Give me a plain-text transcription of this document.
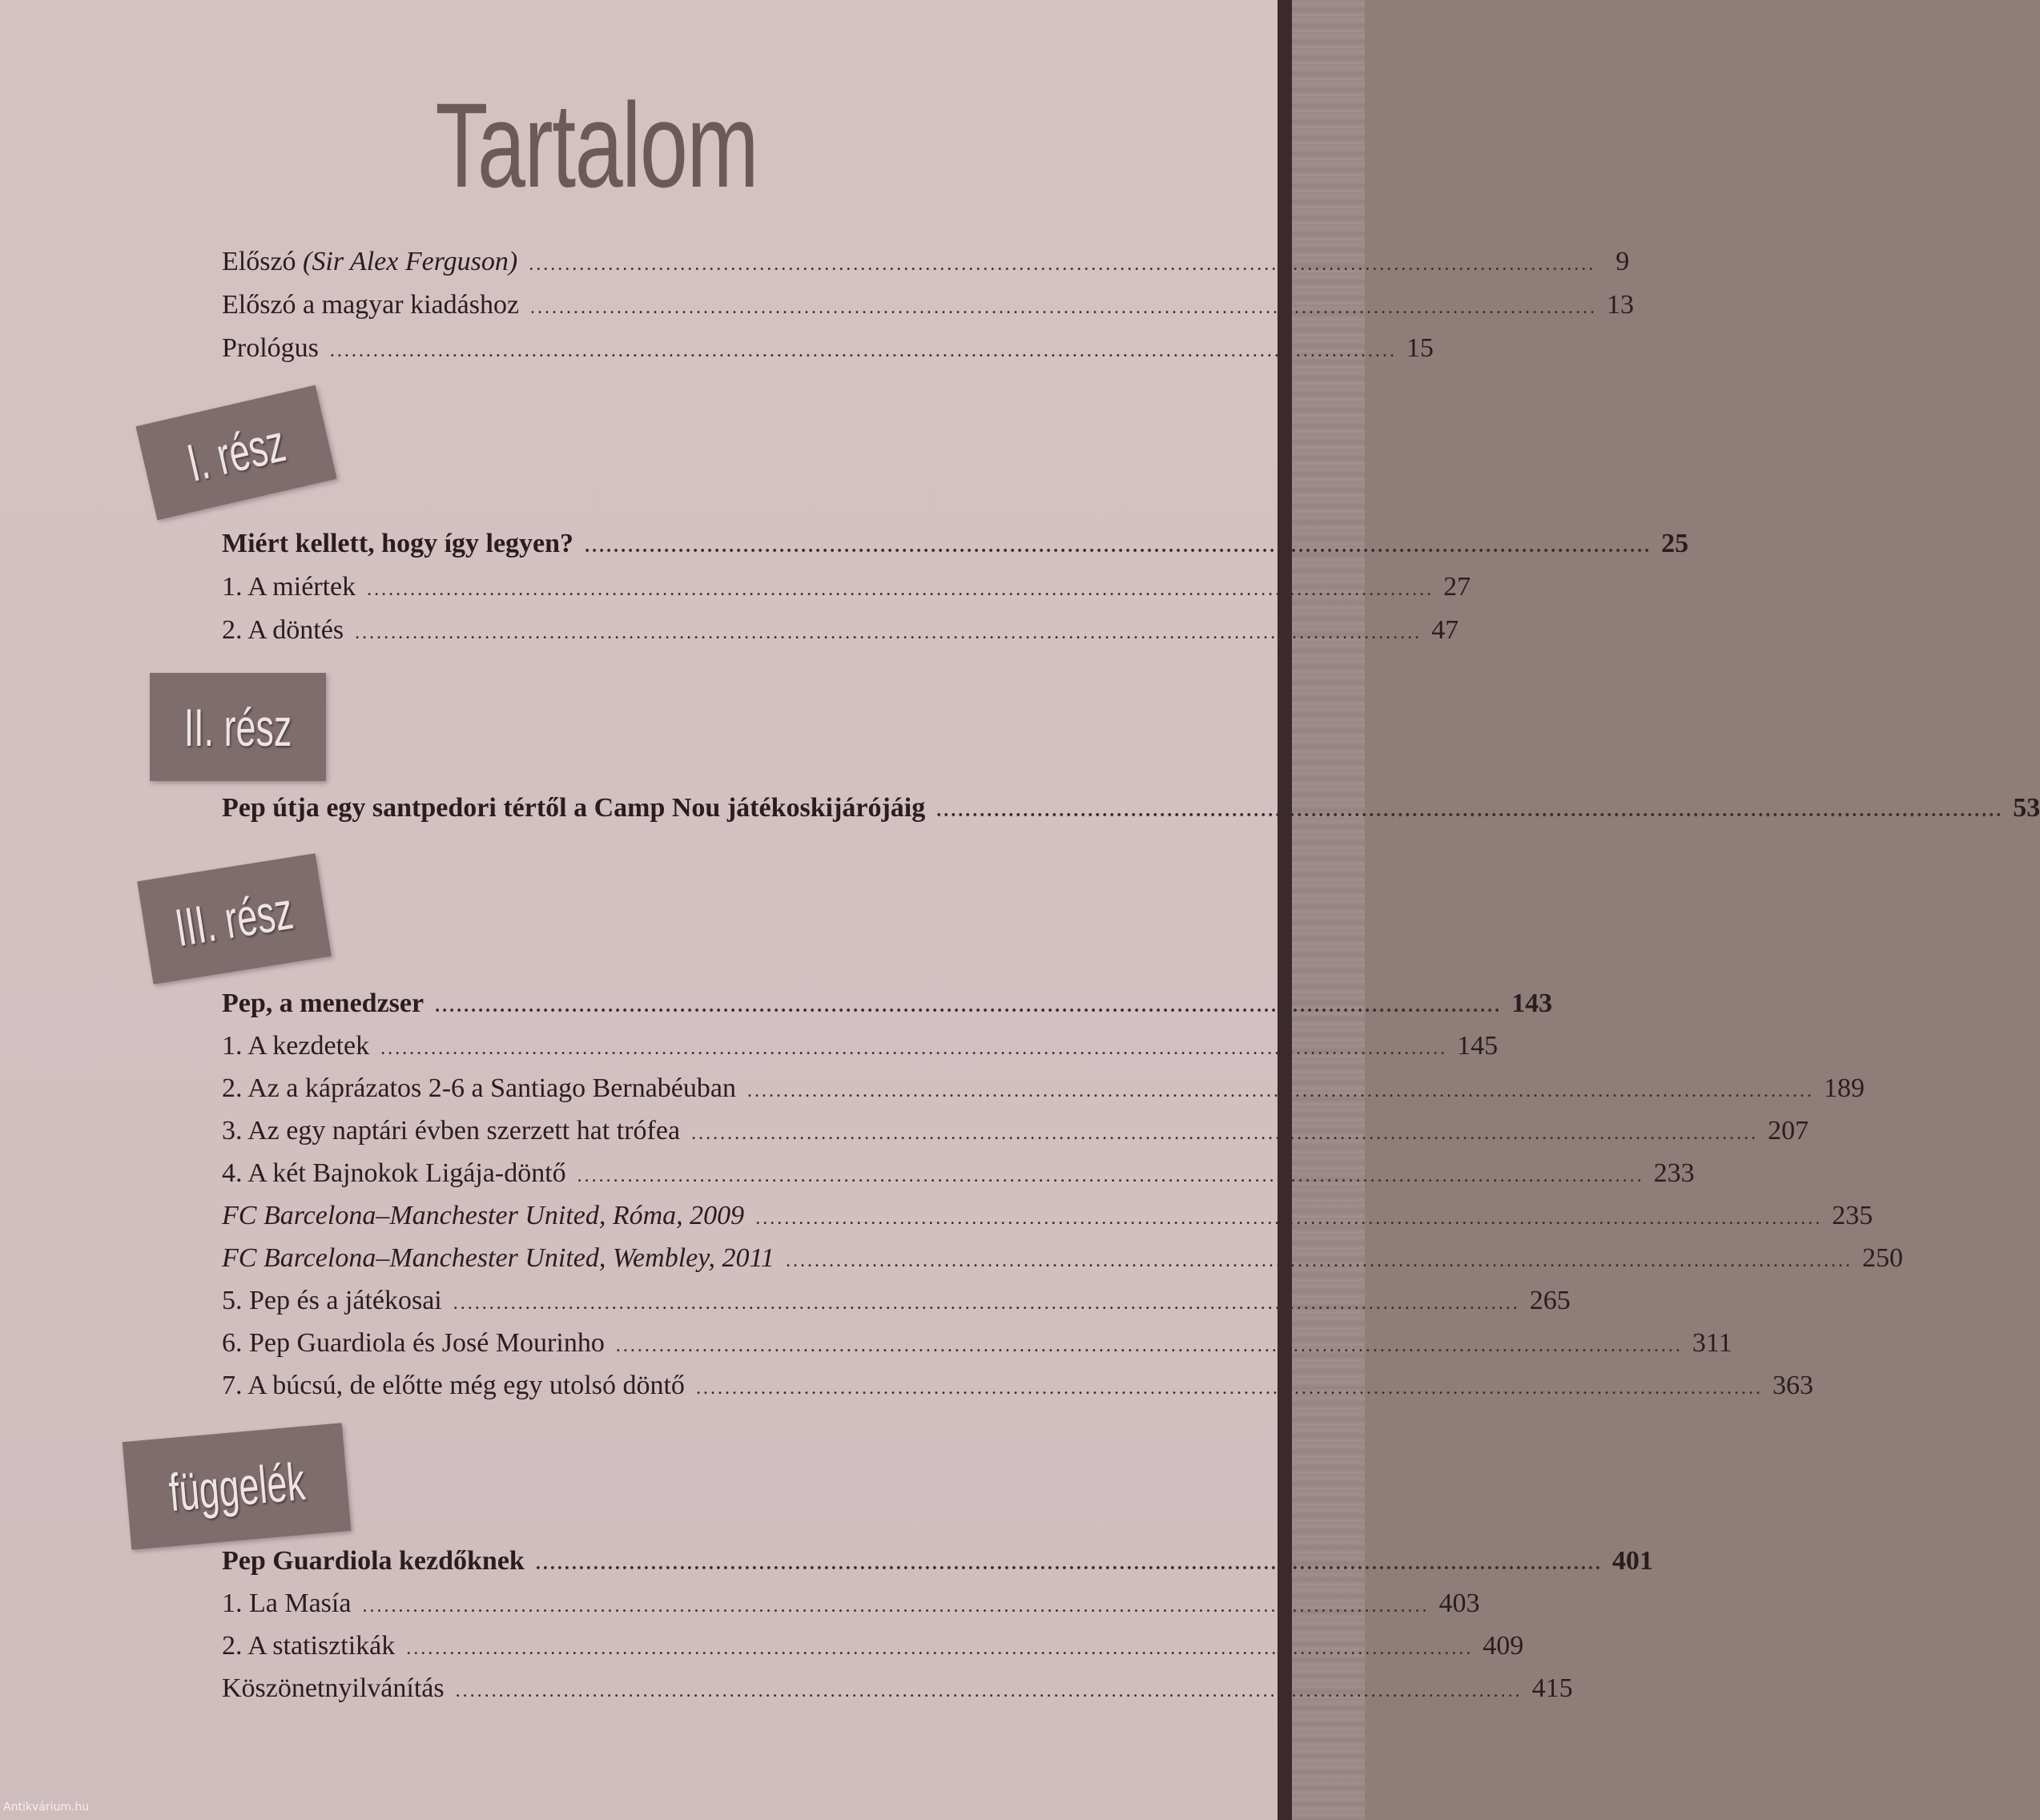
Tartalom
Előszó (Sir Alex Ferguson) .................................................................................................................................................... 9
Előszó a magyar kiadáshoz .................................................................................................................................................... 13
Prológus .................................................................................................................................................... 15
I. rész
Miért kellett, hogy így legyen? .................................................................................................................................................... 25
1. A miértek .................................................................................................................................................... 27
2. A döntés .................................................................................................................................................... 47
II. rész
Pep útja egy santpedori tértől a Camp Nou játékoskijárójáig .................................................................................................................................................... 53
III. rész
Pep, a menedzser .................................................................................................................................................... 143
1. A kezdetek .................................................................................................................................................... 145
2. Az a káprázatos 2-6 a Santiago Bernabéuban .................................................................................................................................................... 189
3. Az egy naptári évben szerzett hat trófea .................................................................................................................................................... 207
4. A két Bajnokok Ligája-döntő .................................................................................................................................................... 233
FC Barcelona–Manchester United, Róma, 2009 .................................................................................................................................................... 235
FC Barcelona–Manchester United, Wembley, 2011 .................................................................................................................................................... 250
5. Pep és a játékosai .................................................................................................................................................... 265
6. Pep Guardiola és José Mourinho .................................................................................................................................................... 311
7. A búcsú, de előtte még egy utolsó döntő .................................................................................................................................................... 363
függelék
Pep Guardiola kezdőknek .................................................................................................................................................... 401
1. La Masía .................................................................................................................................................... 403
2. A statisztikák .................................................................................................................................................... 409
Köszönetnyilvánítás .................................................................................................................................................... 415
Antikvárium.hu
